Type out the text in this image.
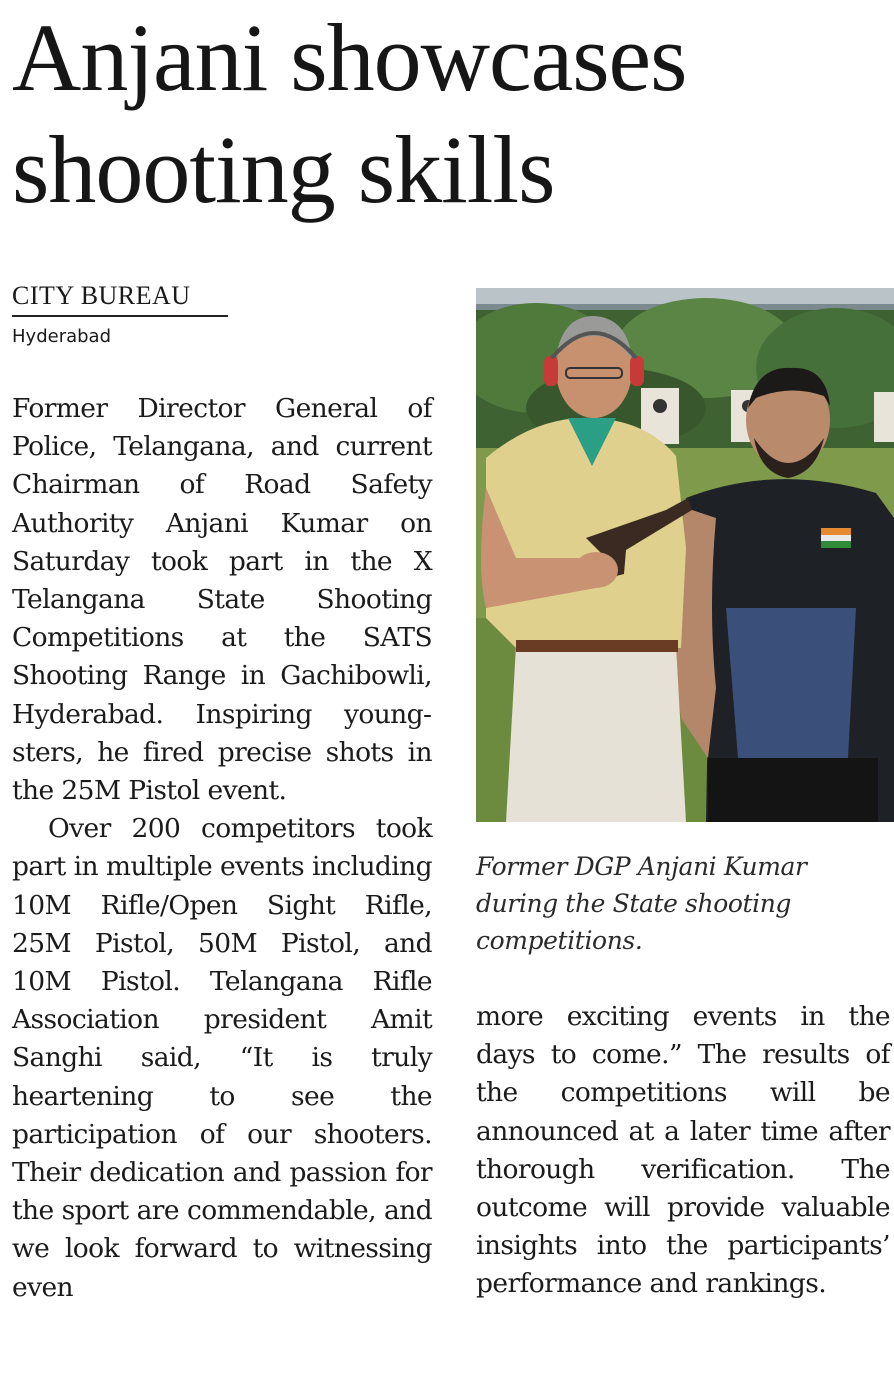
Anjani showcases shooting skills
CITY BUREAU
Hyderabad

Former Director General of Police, Telangana, and current Chairman of Road Safety Authority Anjani Kumar on Saturday took part in the X Telangana State Shooting Competitions at the SATS Shooting Range in Gachibowli, Hyderabad. Inspiring youngsters, he fired precise shots in the 25M Pistol event.

Over 200 competitors took part in multiple events including 10M Rifle/Open Sight Rifle, 25M Pistol, 50M Pistol, and 10M Pistol. Telangana Rifle Association president Amit Sanghi said, “It is truly heartening to see the participation of our shooters. Their dedication and passion for the sport are commendable, and we look forward to witnessing even

Former DGP Anjani Kumar during the State shooting competitions.

more exciting events in the days to come.” The results of the competitions will be announced at a later time after thorough verification. The outcome will provide valuable insights into the participants’ performance and rankings.
